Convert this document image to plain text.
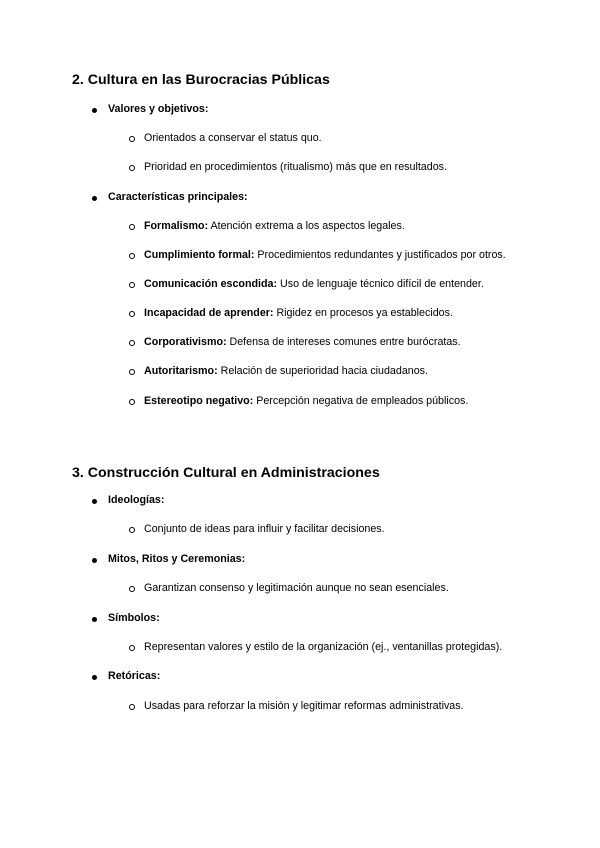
2. Cultura en las Burocracias Públicas
Valores y objetivos:
Orientados a conservar el status quo.
Prioridad en procedimientos (ritualismo) más que en resultados.
Características principales:
Formalismo: Atención extrema a los aspectos legales.
Cumplimiento formal: Procedimientos redundantes y justificados por otros.
Comunicación escondida: Uso de lenguaje técnico difícil de entender.
Incapacidad de aprender: Rigidez en procesos ya establecidos.
Corporativismo: Defensa de intereses comunes entre burócratas.
Autoritarismo: Relación de superioridad hacia ciudadanos.
Estereotipo negativo: Percepción negativa de empleados públicos.
3. Construcción Cultural en Administraciones
Ideologías:
Conjunto de ideas para influir y facilitar decisiones.
Mitos, Ritos y Ceremonias:
Garantizan consenso y legitimación aunque no sean esenciales.
Símbolos:
Representan valores y estilo de la organización (ej., ventanillas protegidas).
Retóricas:
Usadas para reforzar la misión y legitimar reformas administrativas.
